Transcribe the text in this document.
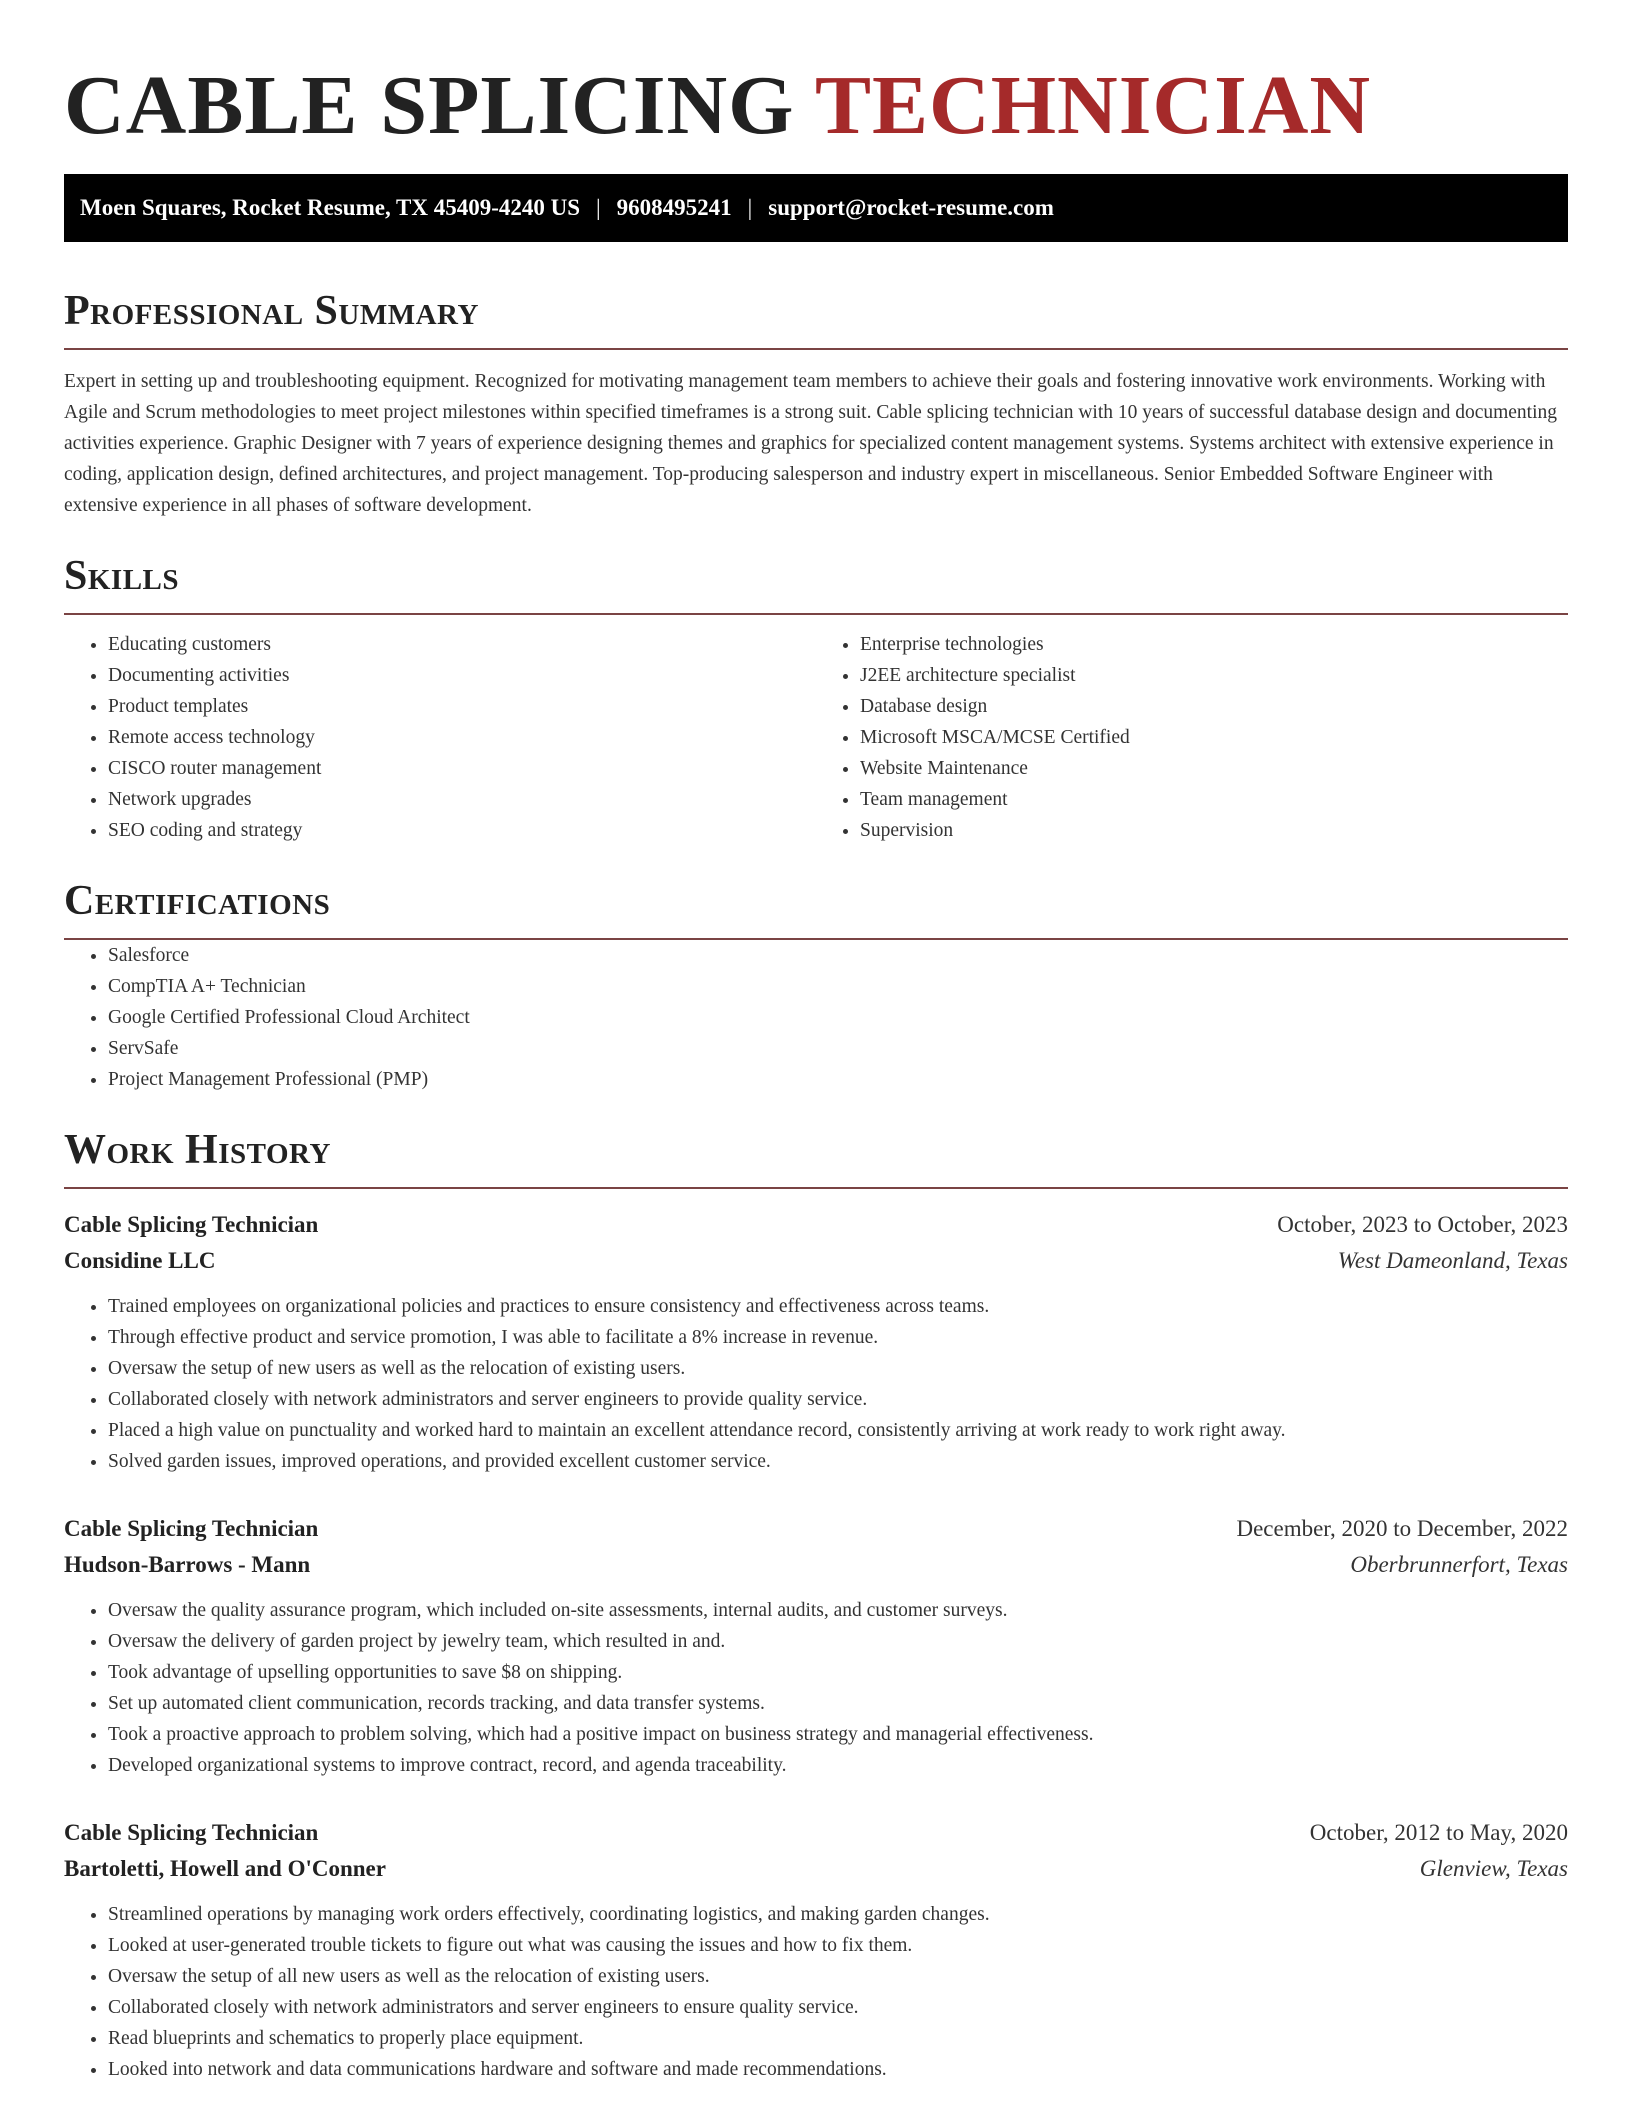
CABLE SPLICING TECHNICIAN
Moen Squares, Rocket Resume, TX 45409-4240 US | 9608495241 | support@rocket-resume.com
Professional Summary

Expert in setting up and troubleshooting equipment. Recognized for motivating management team members to achieve their goals and fostering innovative work environments. Working with Agile and Scrum methodologies to meet project milestones within specified timeframes is a strong suit. Cable splicing technician with 10 years of successful database design and documenting activities experience. Graphic Designer with 7 years of experience designing themes and graphics for specialized content management systems. Systems architect with extensive experience in coding, application design, defined architectures, and project management. Top-producing salesperson and industry expert in miscellaneous. Senior Embedded Software Engineer with extensive experience in all phases of software development.

Skills
• Educating customers
• Documenting activities
• Product templates
• Remote access technology
• CISCO router management
• Network upgrades
• SEO coding and strategy
• Enterprise technologies
• J2EE architecture specialist
• Database design
• Microsoft MSCA/MCSE Certified
• Website Maintenance
• Team management
• Supervision
Certifications
• Salesforce
• CompTIA A+ Technician
• Google Certified Professional Cloud Architect
• ServSafe
• Project Management Professional (PMP)
Work History
Cable Splicing Technician	October, 2023 to October, 2023
Considine LLC	West Dameonland, Texas
• Trained employees on organizational policies and practices to ensure consistency and effectiveness across teams.
• Through effective product and service promotion, I was able to facilitate a 8% increase in revenue.
• Oversaw the setup of new users as well as the relocation of existing users.
• Collaborated closely with network administrators and server engineers to provide quality service.
• Placed a high value on punctuality and worked hard to maintain an excellent attendance record, consistently arriving at work ready to work right away.
• Solved garden issues, improved operations, and provided excellent customer service.
Cable Splicing Technician	December, 2020 to December, 2022
Hudson-Barrows - Mann	Oberbrunnerfort, Texas
• Oversaw the quality assurance program, which included on-site assessments, internal audits, and customer surveys.
• Oversaw the delivery of garden project by jewelry team, which resulted in and.
• Took advantage of upselling opportunities to save $8 on shipping.
• Set up automated client communication, records tracking, and data transfer systems.
• Took a proactive approach to problem solving, which had a positive impact on business strategy and managerial effectiveness.
• Developed organizational systems to improve contract, record, and agenda traceability.
Cable Splicing Technician	October, 2012 to May, 2020
Bartoletti, Howell and O'Conner	Glenview, Texas
• Streamlined operations by managing work orders effectively, coordinating logistics, and making garden changes.
• Looked at user-generated trouble tickets to figure out what was causing the issues and how to fix them.
• Oversaw the setup of all new users as well as the relocation of existing users.
• Collaborated closely with network administrators and server engineers to ensure quality service.
• Read blueprints and schematics to properly place equipment.
• Looked into network and data communications hardware and software and made recommendations.
